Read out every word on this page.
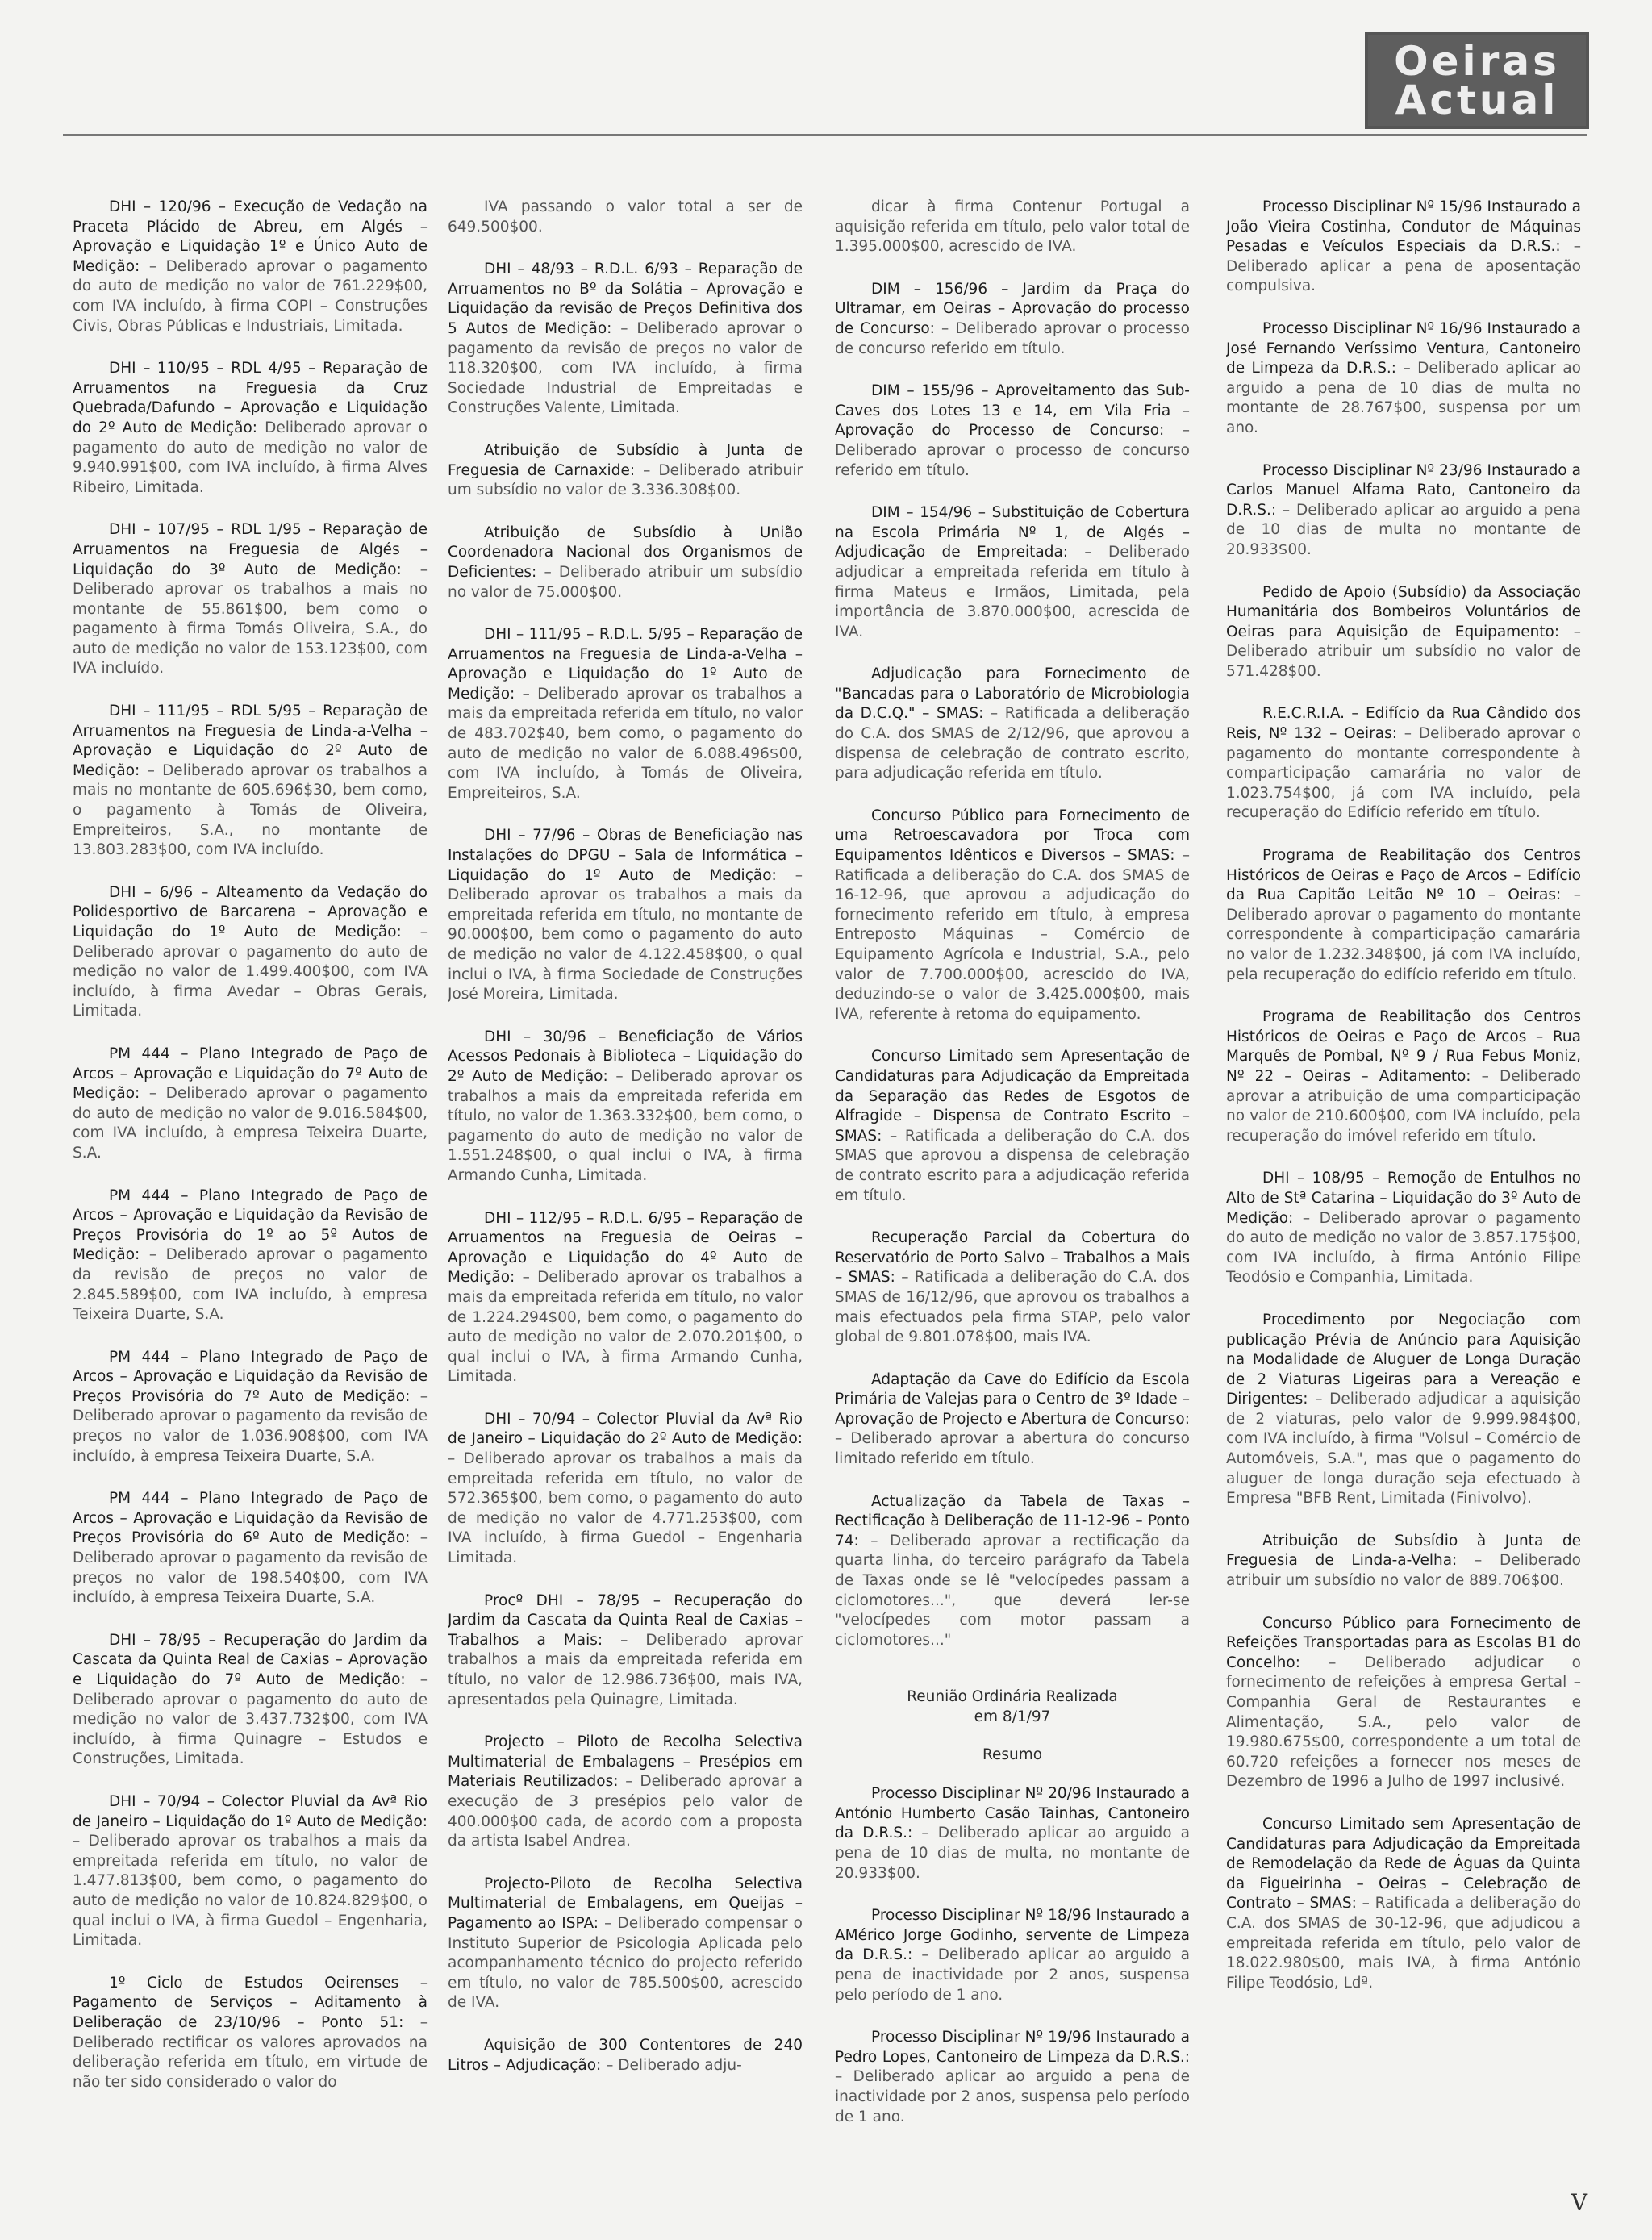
Oeiras
Actual

DHI – 120/96 – Execução de Vedação na Praceta Plácido de Abreu, em Algés – Aprovação e Liquidação 1º e Único Auto de Medição: – Deliberado aprovar o pagamento do auto de medição no valor de 761.229$00, com IVA incluído, à firma COPI – Construções Civis, Obras Públicas e Industriais, Limitada.

DHI – 110/95 – RDL 4/95 – Reparação de Arruamentos na Freguesia da Cruz Quebrada/Dafundo – Aprovação e Liquidação do 2º Auto de Medição: Deliberado aprovar o pagamento do auto de medição no valor de 9.940.991$00, com IVA incluído, à firma Alves Ribeiro, Limitada.

DHI – 107/95 – RDL 1/95 – Reparação de Arruamentos na Freguesia de Algés – Liquidação do 3º Auto de Medição: – Deliberado aprovar os trabalhos a mais no montante de 55.861$00, bem como o pagamento à firma Tomás Oliveira, S.A., do auto de medição no valor de 153.123$00, com IVA incluído.

DHI – 111/95 – RDL 5/95 – Reparação de Arruamentos na Freguesia de Linda-a-Velha – Aprovação e Liquidação do 2º Auto de Medição: – Deliberado aprovar os trabalhos a mais no montante de 605.696$30, bem como, o pagamento à Tomás de Oliveira, Empreiteiros, S.A., no montante de 13.803.283$00, com IVA incluído.

DHI – 6/96 – Alteamento da Vedação do Polidesportivo de Barcarena – Aprovação e Liquidação do 1º Auto de Medição: – Deliberado aprovar o pagamento do auto de medição no valor de 1.499.400$00, com IVA incluído, à firma Avedar – Obras Gerais, Limitada.

PM 444 – Plano Integrado de Paço de Arcos – Aprovação e Liquidação do 7º Auto de Medição: – Deliberado aprovar o pagamento do auto de medição no valor de 9.016.584$00, com IVA incluído, à empresa Teixeira Duarte, S.A.

PM 444 – Plano Integrado de Paço de Arcos – Aprovação e Liquidação da Revisão de Preços Provisória do 1º ao 5º Autos de Medição: – Deliberado aprovar o pagamento da revisão de preços no valor de 2.845.589$00, com IVA incluído, à empresa Teixeira Duarte, S.A.

PM 444 – Plano Integrado de Paço de Arcos – Aprovação e Liquidação da Revisão de Preços Provisória do 7º Auto de Medição: – Deliberado aprovar o pagamento da revisão de preços no valor de 1.036.908$00, com IVA incluído, à empresa Teixeira Duarte, S.A.

PM 444 – Plano Integrado de Paço de Arcos – Aprovação e Liquidação da Revisão de Preços Provisória do 6º Auto de Medição: – Deliberado aprovar o pagamento da revisão de preços no valor de 198.540$00, com IVA incluído, à empresa Teixeira Duarte, S.A.

DHI – 78/95 – Recuperação do Jardim da Cascata da Quinta Real de Caxias – Aprovação e Liquidação do 7º Auto de Medição: – Deliberado aprovar o pagamento do auto de medição no valor de 3.437.732$00, com IVA incluído, à firma Quinagre – Estudos e Construções, Limitada.

DHI – 70/94 – Colector Pluvial da Avª Rio de Janeiro – Liquidação do 1º Auto de Medição: – Deliberado aprovar os trabalhos a mais da empreitada referida em título, no valor de 1.477.813$00, bem como, o pagamento do auto de medição no valor de 10.824.829$00, o qual inclui o IVA, à firma Guedol – Engenharia, Limitada.

1º Ciclo de Estudos Oeirenses – Pagamento de Serviços – Aditamento à Deliberação de 23/10/96 – Ponto 51: – Deliberado rectificar os valores aprovados na deliberação referida em título, em virtude de não ter sido considerado o valor do

IVA passando o valor total a ser de 649.500$00.

DHI – 48/93 – R.D.L. 6/93 – Reparação de Arruamentos no Bº da Solátia – Aprovação e Liquidação da revisão de Preços Definitiva dos 5 Autos de Medição: – Deliberado aprovar o pagamento da revisão de preços no valor de 118.320$00, com IVA incluído, à firma Sociedade Industrial de Empreitadas e Construções Valente, Limitada.

Atribuição de Subsídio à Junta de Freguesia de Carnaxide: – Deliberado atribuir um subsídio no valor de 3.336.308$00.

Atribuição de Subsídio à União Coordenadora Nacional dos Organismos de Deficientes: – Deliberado atribuir um subsídio no valor de 75.000$00.

DHI – 111/95 – R.D.L. 5/95 – Reparação de Arruamentos na Freguesia de Linda-a-Velha – Aprovação e Liquidação do 1º Auto de Medição: – Deliberado aprovar os trabalhos a mais da empreitada referida em título, no valor de 483.702$40, bem como, o pagamento do auto de medição no valor de 6.088.496$00, com IVA incluído, à Tomás de Oliveira, Empreiteiros, S.A.

DHI – 77/96 – Obras de Beneficiação nas Instalações do DPGU – Sala de Informática – Liquidação do 1º Auto de Medição: – Deliberado aprovar os trabalhos a mais da empreitada referida em título, no montante de 90.000$00, bem como o pagamento do auto de medição no valor de 4.122.458$00, o qual inclui o IVA, à firma Sociedade de Construções José Moreira, Limitada.

DHI – 30/96 – Beneficiação de Vários Acessos Pedonais à Biblioteca – Liquidação do 2º Auto de Medição: – Deliberado aprovar os trabalhos a mais da empreitada referida em título, no valor de 1.363.332$00, bem como, o pagamento do auto de medição no valor de 1.551.248$00, o qual inclui o IVA, à firma Armando Cunha, Limitada.

DHI – 112/95 – R.D.L. 6/95 – Reparação de Arruamentos na Freguesia de Oeiras – Aprovação e Liquidação do 4º Auto de Medição: – Deliberado aprovar os trabalhos a mais da empreitada referida em título, no valor de 1.224.294$00, bem como, o pagamento do auto de medição no valor de 2.070.201$00, o qual inclui o IVA, à firma Armando Cunha, Limitada.

DHI – 70/94 – Colector Pluvial da Avª Rio de Janeiro – Liquidação do 2º Auto de Medição: – Deliberado aprovar os trabalhos a mais da empreitada referida em título, no valor de 572.365$00, bem como, o pagamento do auto de medição no valor de 4.771.253$00, com IVA incluído, à firma Guedol – Engenharia Limitada.

Procº DHI – 78/95 – Recuperação do Jardim da Cascata da Quinta Real de Caxias – Trabalhos a Mais: – Deliberado aprovar trabalhos a mais da empreitada referida em título, no valor de 12.986.736$00, mais IVA, apresentados pela Quinagre, Limitada.

Projecto – Piloto de Recolha Selectiva Multimaterial de Embalagens – Presépios em Materiais Reutilizados: – Deliberado aprovar a execução de 3 presépios pelo valor de 400.000$00 cada, de acordo com a proposta da artista Isabel Andrea.

Projecto-Piloto de Recolha Selectiva Multimaterial de Embalagens, em Queijas – Pagamento ao ISPA: – Deliberado compensar o Instituto Superior de Psicologia Aplicada pelo acompanhamento técnico do projecto referido em título, no valor de 785.500$00, acrescido de IVA.

Aquisição de 300 Contentores de 240 Litros – Adjudicação: – Deliberado adju-

dicar à firma Contenur Portugal a aquisição referida em título, pelo valor total de 1.395.000$00, acrescido de IVA.

DIM – 156/96 – Jardim da Praça do Ultramar, em Oeiras – Aprovação do processo de Concurso: – Deliberado aprovar o processo de concurso referido em título.

DIM – 155/96 – Aproveitamento das Sub-Caves dos Lotes 13 e 14, em Vila Fria – Aprovação do Processo de Concurso: – Deliberado aprovar o processo de concurso referido em título.

DIM – 154/96 – Substituição de Cobertura na Escola Primária Nº 1, de Algés – Adjudicação de Empreitada: – Deliberado adjudicar a empreitada referida em título à firma Mateus e Irmãos, Limitada, pela importância de 3.870.000$00, acrescida de IVA.

Adjudicação para Fornecimento de "Bancadas para o Laboratório de Microbiologia da D.C.Q." – SMAS: – Ratificada a deliberação do C.A. dos SMAS de 2/12/96, que aprovou a dispensa de celebração de contrato escrito, para adjudicação referida em título.

Concurso Público para Fornecimento de uma Retroescavadora por Troca com Equipamentos Idênticos e Diversos – SMAS: – Ratificada a deliberação do C.A. dos SMAS de 16-12-96, que aprovou a adjudicação do fornecimento referido em título, à empresa Entreposto Máquinas – Comércio de Equipamento Agrícola e Industrial, S.A., pelo valor de 7.700.000$00, acrescido do IVA, deduzindo-se o valor de 3.425.000$00, mais IVA, referente à retoma do equipamento.

Concurso Limitado sem Apresentação de Candidaturas para Adjudicação da Empreitada da Separação das Redes de Esgotos de Alfragide – Dispensa de Contrato Escrito – SMAS: – Ratificada a deliberação do C.A. dos SMAS que aprovou a dispensa de celebração de contrato escrito para a adjudicação referida em título.

Recuperação Parcial da Cobertura do Reservatório de Porto Salvo – Trabalhos a Mais – SMAS: – Ratificada a deliberação do C.A. dos SMAS de 16/12/96, que aprovou os trabalhos a mais efectuados pela firma STAP, pelo valor global de 9.801.078$00, mais IVA.

Adaptação da Cave do Edifício da Escola Primária de Valejas para o Centro de 3º Idade – Aprovação de Projecto e Abertura de Concurso: – Deliberado aprovar a abertura do concurso limitado referido em título.

Actualização da Tabela de Taxas – Rectificação à Deliberação de 11-12-96 – Ponto 74: – Deliberado aprovar a rectificação da quarta linha, do terceiro parágrafo da Tabela de Taxas onde se lê "velocípedes passam a ciclomotores...", que deverá ler-se "velocípedes com motor passam a ciclomotores..."

Reunião Ordinária Realizada

em 8/1/97

Resumo

Processo Disciplinar Nº 20/96 Instaurado a António Humberto Casão Tainhas, Cantoneiro da D.R.S.: – Deliberado aplicar ao arguido a pena de 10 dias de multa, no montante de 20.933$00.

Processo Disciplinar Nº 18/96 Instaurado a AMérico Jorge Godinho, servente de Limpeza da D.R.S.: – Deliberado aplicar ao arguido a pena de inactividade por 2 anos, suspensa pelo período de 1 ano.

Processo Disciplinar Nº 19/96 Instaurado a Pedro Lopes, Cantoneiro de Limpeza da D.R.S.: – Deliberado aplicar ao arguido a pena de inactividade por 2 anos, suspensa pelo período de 1 ano.

Processo Disciplinar Nº 15/96 Instaurado a João Vieira Costinha, Condutor de Máquinas Pesadas e Veículos Especiais da D.R.S.: – Deliberado aplicar a pena de aposentação compulsiva.

Processo Disciplinar Nº 16/96 Instaurado a José Fernando Veríssimo Ventura, Cantoneiro de Limpeza da D.R.S.: – Deliberado aplicar ao arguido a pena de 10 dias de multa no montante de 28.767$00, suspensa por um ano.

Processo Disciplinar Nº 23/96 Instaurado a Carlos Manuel Alfama Rato, Cantoneiro da D.R.S.: – Deliberado aplicar ao arguido a pena de 10 dias de multa no montante de 20.933$00.

Pedido de Apoio (Subsídio) da Associação Humanitária dos Bombeiros Voluntários de Oeiras para Aquisição de Equipamento: – Deliberado atribuir um subsídio no valor de 571.428$00.

R.E.C.R.I.A. – Edifício da Rua Cândido dos Reis, Nº 132 – Oeiras: – Deliberado aprovar o pagamento do montante correspondente à comparticipação camarária no valor de 1.023.754$00, já com IVA incluído, pela recuperação do Edifício referido em título.

Programa de Reabilitação dos Centros Históricos de Oeiras e Paço de Arcos – Edifício da Rua Capitão Leitão Nº 10 – Oeiras: – Deliberado aprovar o pagamento do montante correspondente à comparticipação camarária no valor de 1.232.348$00, já com IVA incluído, pela recuperação do edifício referido em título.

Programa de Reabilitação dos Centros Históricos de Oeiras e Paço de Arcos – Rua Marquês de Pombal, Nº 9 / Rua Febus Moniz, Nº 22 – Oeiras – Aditamento: – Deliberado aprovar a atribuição de uma comparticipação no valor de 210.600$00, com IVA incluído, pela recuperação do imóvel referido em título.

DHI – 108/95 – Remoção de Entulhos no Alto de Stª Catarina – Liquidação do 3º Auto de Medição: – Deliberado aprovar o pagamento do auto de medição no valor de 3.857.175$00, com IVA incluído, à firma António Filipe Teodósio e Companhia, Limitada.

Procedimento por Negociação com publicação Prévia de Anúncio para Aquisição na Modalidade de Aluguer de Longa Duração de 2 Viaturas Ligeiras para a Vereação e Dirigentes: – Deliberado adjudicar a aquisição de 2 viaturas, pelo valor de 9.999.984$00, com IVA incluído, à firma "Volsul – Comércio de Automóveis, S.A.", mas que o pagamento do aluguer de longa duração seja efectuado à Empresa "BFB Rent, Limitada (Finivolvo).

Atribuição de Subsídio à Junta de Freguesia de Linda-a-Velha: – Deliberado atribuir um subsídio no valor de 889.706$00.

Concurso Público para Fornecimento de Refeições Transportadas para as Escolas B1 do Concelho: – Deliberado adjudicar o fornecimento de refeições à empresa Gertal – Companhia Geral de Restaurantes e Alimentação, S.A., pelo valor de 19.980.675$00, correspondente a um total de 60.720 refeições a fornecer nos meses de Dezembro de 1996 a Julho de 1997 inclusivé.

Concurso Limitado sem Apresentação de Candidaturas para Adjudicação da Empreitada de Remodelação da Rede de Águas da Quinta da Figueirinha – Oeiras – Celebração de Contrato – SMAS: – Ratificada a deliberação do C.A. dos SMAS de 30-12-96, que adjudicou a empreitada referida em título, pelo valor de 18.022.980$00, mais IVA, à firma António Filipe Teodósio, Ldª.

V
